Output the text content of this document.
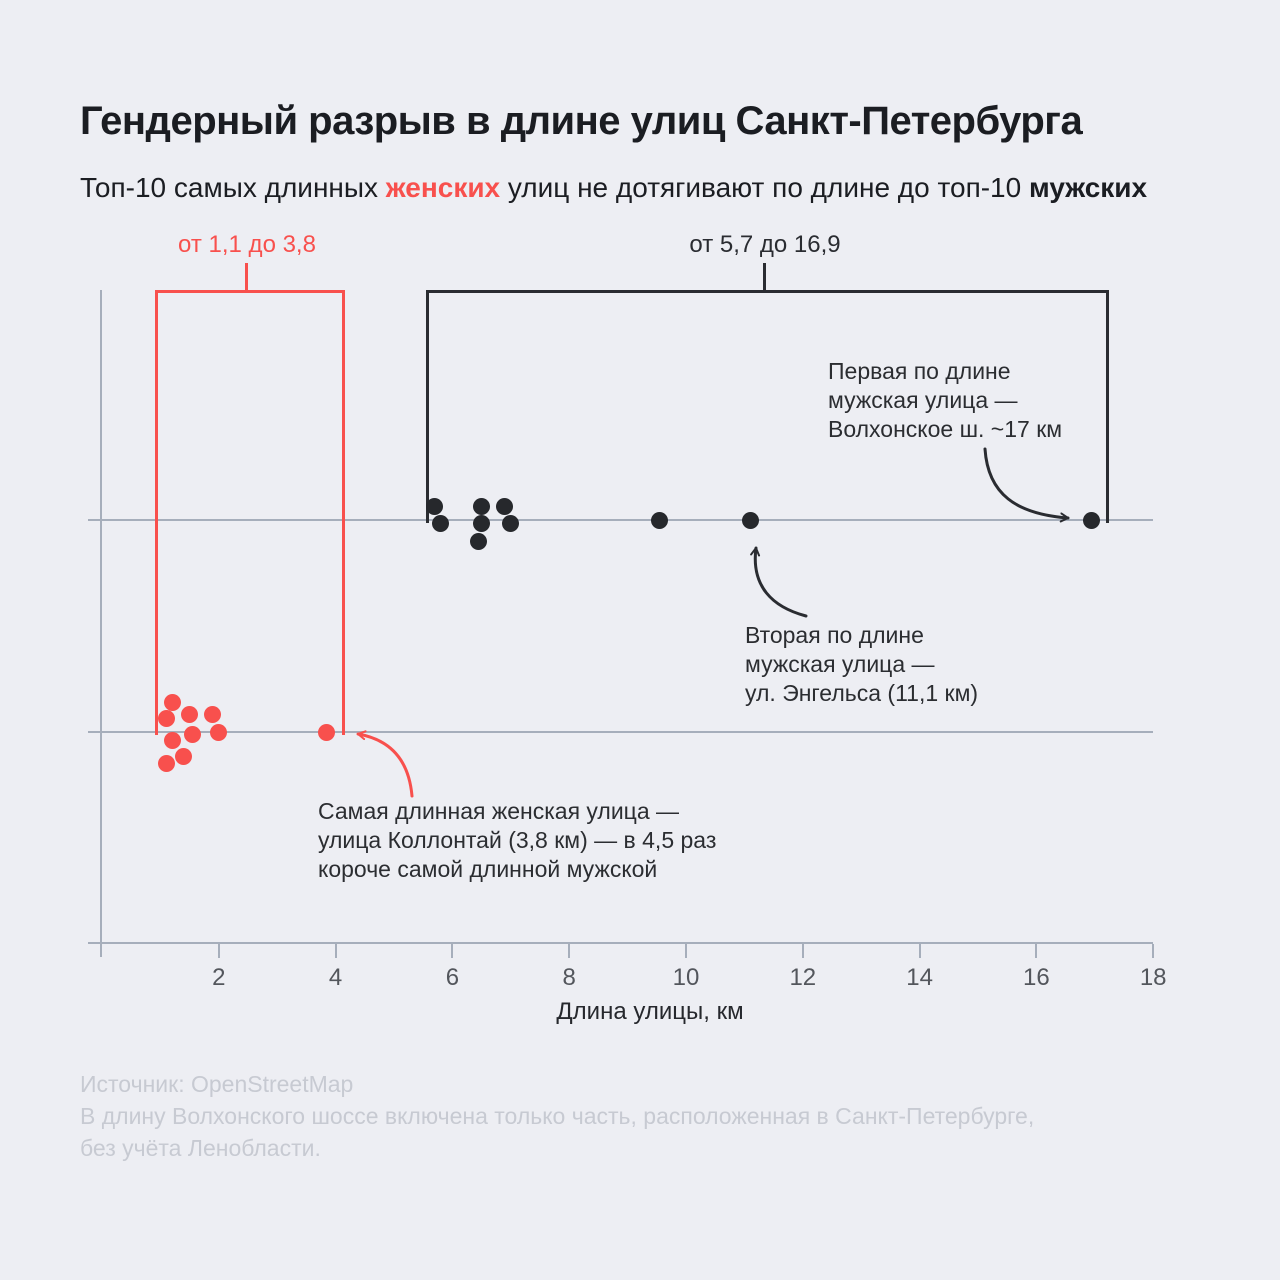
Гендерный разрыв в длине улиц Санкт-Петербурга

Топ-10 самых длинных женских улиц не дотягивают по длине до топ-10 мужских

2	4	6	8	10	12	14	16	18
Длина улицы, км
от 1,1 до 3,8	от 5,7 до 16,9
Первая по длине
мужская улица —
Волхонское ш. ~17 км
Вторая по длине
мужская улица —
ул. Энгельса (11,1 км)
Самая длинная женская улица —
улица Коллонтай (3,8 км) — в 4,5 раз
короче самой длинной мужской
Источник: OpenStreetMap
В длину Волхонского шоссе включена только часть, расположенная в Санкт-Петербурге,
без учёта Ленобласти.
